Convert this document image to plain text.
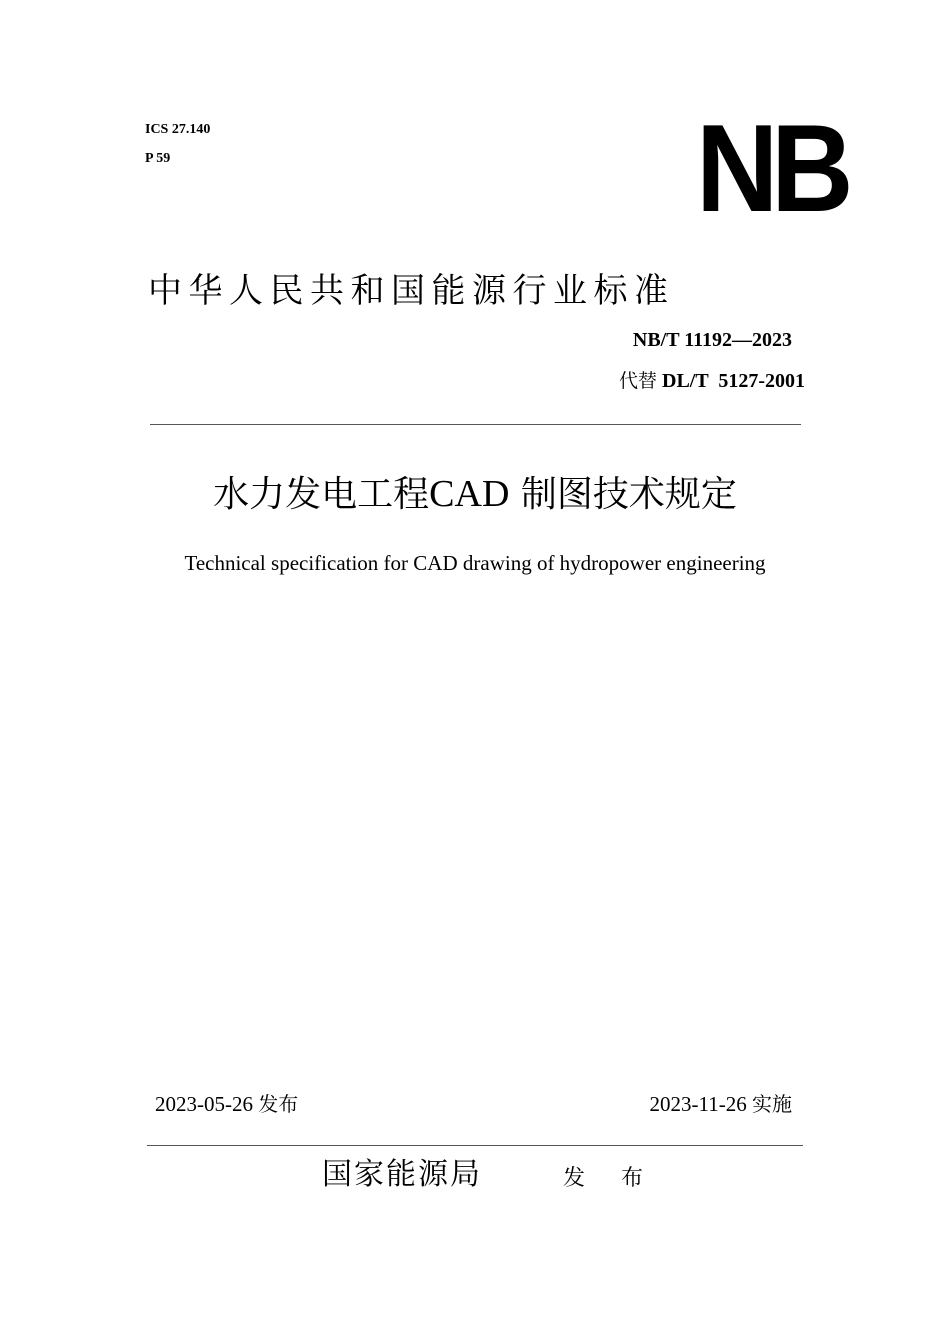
ICS 27.140
P 59	NB
中华人民共和国能源行业标准
NB/T 11192—2023
代替 DL/T  5127-2001
水力发电工程CAD 制图技术规定
Technical specification for CAD drawing of hydropower engineering
2023-05-26 发布	2023-11-26 实施
国家能源局	发布
